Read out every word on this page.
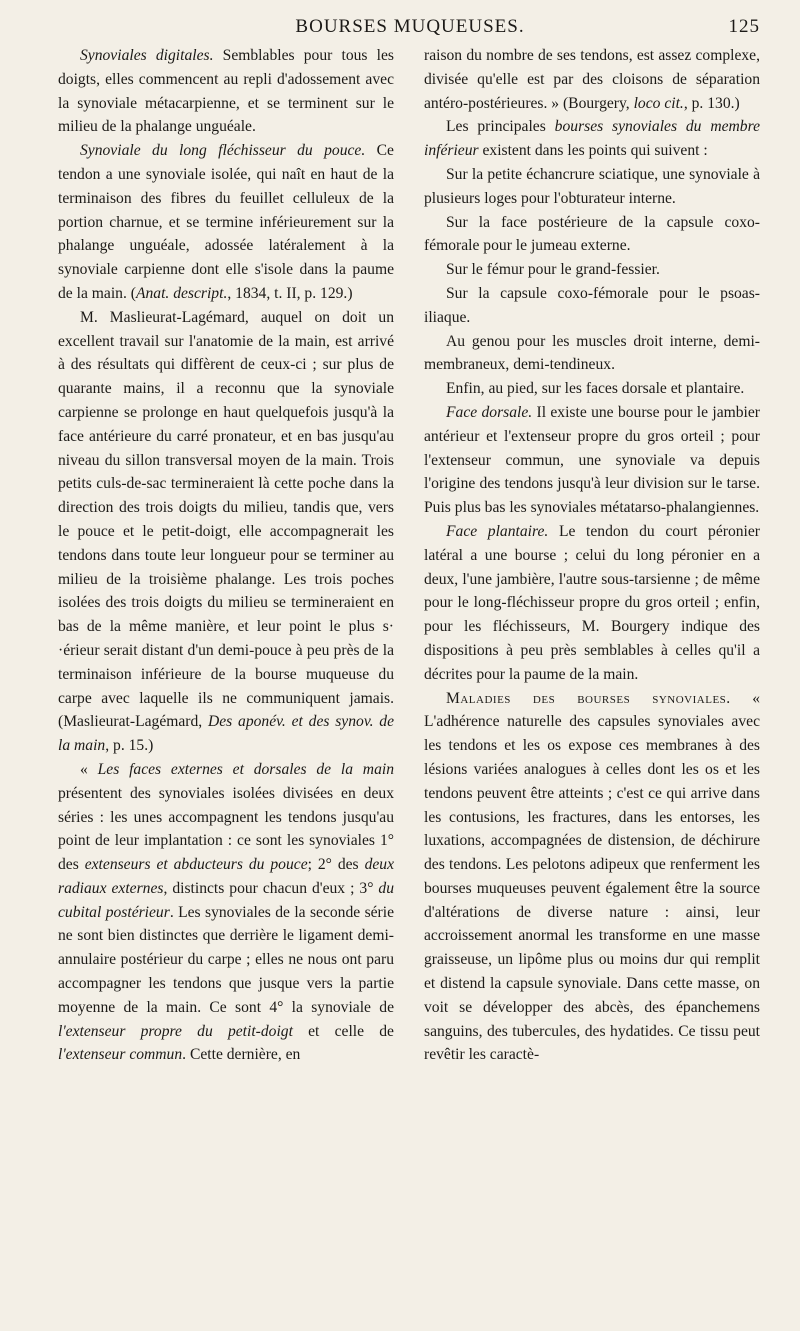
BOURSES MUQUEUSES.	125

Synoviales digitales. Semblables pour tous les doigts, elles commencent au repli d'adossement avec la synoviale métacarpienne, et se terminent sur le milieu de la phalange unguéale.

Synoviale du long fléchisseur du pouce. Ce tendon a une synoviale isolée, qui naît en haut de la terminaison des fibres du feuillet celluleux de la portion charnue, et se termine inférieurement sur la phalange unguéale, adossée latéralement à la synoviale carpienne dont elle s'isole dans la paume de la main. (Anat. descript., 1834, t. II, p. 129.)

M. Maslieurat-Lagémard, auquel on doit un excellent travail sur l'anatomie de la main, est arrivé à des résultats qui diffèrent de ceux-ci ; sur plus de quarante mains, il a reconnu que la synoviale carpienne se prolonge en haut quelquefois jusqu'à la face antérieure du carré pronateur, et en bas jusqu'au niveau du sillon transversal moyen de la main. Trois petits culs-de-sac termineraient là cette poche dans la direction des trois doigts du milieu, tandis que, vers le pouce et le petit-doigt, elle accompagnerait les tendons dans toute leur longueur pour se terminer au milieu de la troisième phalange. Les trois poches isolées des trois doigts du milieu se termineraient en bas de la même manière, et leur point le plus s· ·érieur serait distant d'un demi-pouce à peu près de la terminaison inférieure de la bourse muqueuse du carpe avec laquelle ils ne communiquent jamais. (Maslieurat-Lagémard, Des aponév. et des synov. de la main, p. 15.)

« Les faces externes et dorsales de la main présentent des synoviales isolées divisées en deux séries : les unes accompagnent les tendons jusqu'au point de leur implantation : ce sont les synoviales 1° des extenseurs et abducteurs du pouce; 2° des deux radiaux externes, distincts pour chacun d'eux ; 3° du cubital postérieur. Les synoviales de la seconde série ne sont bien distinctes que derrière le ligament demi-annulaire postérieur du carpe ; elles ne nous ont paru accompagner les tendons que jusque vers la partie moyenne de la main. Ce sont 4° la synoviale de l'extenseur propre du petit-doigt et celle de l'extenseur commun. Cette dernière, en

raison du nombre de ses tendons, est assez complexe, divisée qu'elle est par des cloisons de séparation antéro-postérieures. » (Bourgery, loco cit., p. 130.)

Les principales bourses synoviales du membre inférieur existent dans les points qui suivent :

Sur la petite échancrure sciatique, une synoviale à plusieurs loges pour l'obturateur interne.

Sur la face postérieure de la capsule coxo-fémorale pour le jumeau externe.

Sur le fémur pour le grand-fessier.

Sur la capsule coxo-fémorale pour le psoas-iliaque.

Au genou pour les muscles droit interne, demi-membraneux, demi-tendineux.

Enfin, au pied, sur les faces dorsale et plantaire.

Face dorsale. Il existe une bourse pour le jambier antérieur et l'extenseur propre du gros orteil ; pour l'extenseur commun, une synoviale va depuis l'origine des tendons jusqu'à leur division sur le tarse. Puis plus bas les synoviales métatarso-phalangiennes.

Face plantaire. Le tendon du court péronier latéral a une bourse ; celui du long péronier en a deux, l'une jambière, l'autre sous-tarsienne ; de même pour le long-fléchisseur propre du gros orteil ; enfin, pour les fléchisseurs, M. Bourgery indique des dispositions à peu près semblables à celles qu'il a décrites pour la paume de la main.

Maladies des bourses synoviales. « L'adhérence naturelle des capsules synoviales avec les tendons et les os expose ces membranes à des lésions variées analogues à celles dont les os et les tendons peuvent être atteints ; c'est ce qui arrive dans les contusions, les fractures, dans les entorses, les luxations, accompagnées de distension, de déchirure des tendons. Les pelotons adipeux que renferment les bourses muqueuses peuvent également être la source d'altérations de diverse nature : ainsi, leur accroissement anormal les transforme en une masse graisseuse, un lipôme plus ou moins dur qui remplit et distend la capsule synoviale. Dans cette masse, on voit se développer des abcès, des épanchemens sanguins, des tubercules, des hydatides. Ce tissu peut revêtir les caractè-
